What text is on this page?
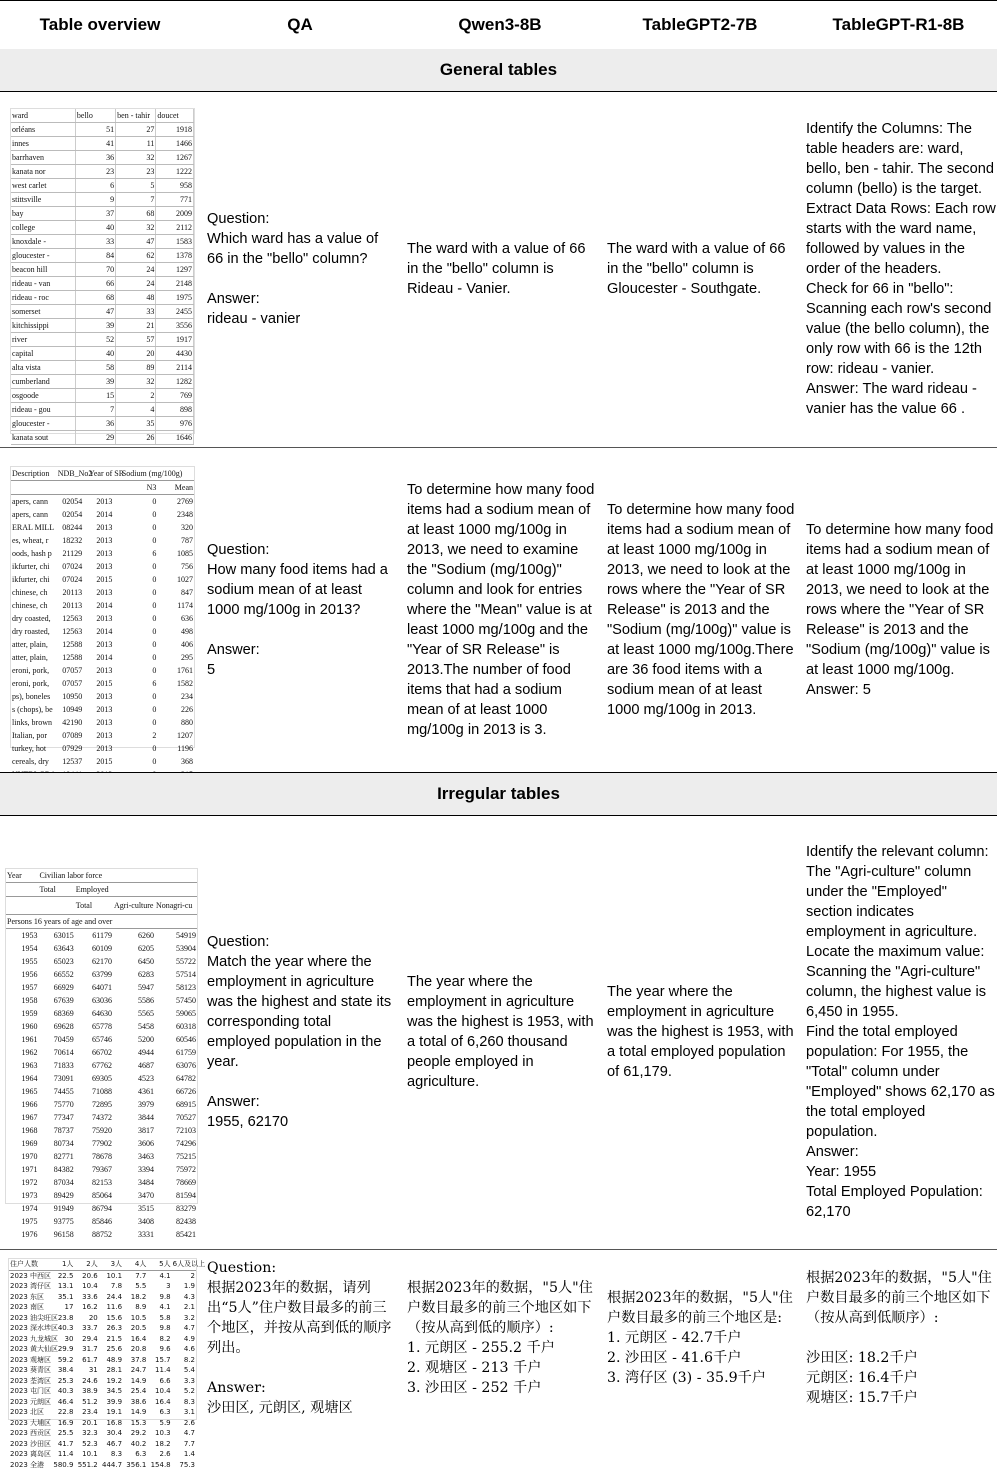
Table overview	QA	Qwen3-8B	TableGPT2-7B	TableGPT-R1-8B
General tables
ward	bello	ben - tahir	doucet
orléans	51	27	1918
innes	41	11	1466
barrhaven	36	32	1267
kanata nor	23	23	1222
west carlet	6	5	958
stittsville	9	7	771
bay	37	68	2009
college	40	32	2112
knoxdale -	33	47	1583
gloucester -	84	62	1378
beacon hill	70	24	1297
rideau - van	66	24	2148
rideau - roc	68	48	1975
somerset	47	33	2455
kitchissippi	39	21	3556
river	52	57	1917
capital	40	20	4430
alta vista	58	89	2114
cumberland	39	32	1282
osgoode	15	2	769
rideau - gou	7	4	898
gloucester -	36	35	976
kanata sout	29	26	1646
Question:
Which ward has a value of 66 in the "bello" column?
Answer:
rideau - vanier
The ward with a value of 66 in the "bello" column is Rideau - Vanier.
The ward with a value of 66 in the "bello" column is Gloucester - Southgate.
Identify the Columns: The table headers are: ward, bello, ben - tahir. The second column (bello) is the target.
Extract Data Rows: Each row starts with the ward name, followed by values in the order of the headers.
Check for 66 in "bello": Scanning each row's second value (the bello column), the only row with 66 is the 12th row: rideau - vanier.
Answer: The ward rideau - vanier has the value 66 .
Description	NDB_No2	Year of SR	Sodium (mg/100g)	
			N3	Mean
apers, cann	02054	2013	0	2769
apers, cann	02054	2014	0	2348
ERAL MILL	08244	2013	0	320
es, wheat, r	18232	2013	0	787
oods, hash p	21129	2013	6	1085
ikfurter, chi	07024	2013	0	756
ikfurter, chi	07024	2015	0	1027
chinese, ch	20113	2013	0	847
chinese, ch	20113	2014	0	1174
dry coasted,	12563	2013	0	636
dry roasted,	12563	2014	0	498
atter, plain,	12588	2013	0	406
atter, plain,	12588	2014	0	295
eroni, pork,	07057	2013	0	1761
eroni, pork,	07057	2015	6	1582
ps), boneles	10950	2013	0	234
s (chops), be	10949	2013	0	226
links, brown	42190	2013	0	880
Italian, por	07089	2013	2	1207
turkey, hot	07929	2013	0	1196
cereals, dry	12537	2015	0	368

Question:
How many food items had a sodium mean of at least 1000 mg/100g in 2013?
Answer:
5
To determine how many food items had a sodium mean of at least 1000 mg/100g in 2013, we need to examine the "Sodium (mg/100g)" column and look for entries where the "Mean" value is at least 1000 mg/100g and the "Year of SR Release" is 2013.The number of food items that had a sodium mean of at least 1000 mg/100g in 2013 is 3.
To determine how many food items had a sodium mean of at least 1000 mg/100g in 2013, we need to look at the rows where the "Year of SR Release" is 2013 and the "Sodium (mg/100g)" value is at least 1000 mg/100g.There are 36 food items with a sodium mean of at least 1000 mg/100g in 2013.
To determine how many food items had a sodium mean of at least 1000 mg/100g in 2013, we need to look at the rows where the "Year of SR Release" is 2013 and the "Sodium (mg/100g)" value is at least 1000 mg/100g.
Answer: 5
Irregular tables
Year	Civilian labor force			
	Total	Employed		
		Total	Agri-culture	Nonagri-cu
Persons 16 years of age and over				
1953	63015	61179	6260	54919
1954	63643	60109	6205	53904
1955	65023	62170	6450	55722
1956	66552	63799	6283	57514
1957	66929	64071	5947	58123
1958	67639	63036	5586	57450
1959	68369	64630	5565	59065
1960	69628	65778	5458	60318
1961	70459	65746	5200	60546
1962	70614	66702	4944	61759
1963	71833	67762	4687	63076
1964	73091	69305	4523	64782
1965	74455	71088	4361	66726
1966	75770	72895	3979	68915
1967	77347	74372	3844	70527
1968	78737	75920	3817	72103
1969	80734	77902	3606	74296
1970	82771	78678	3463	75215
1971	84382	79367	3394	75972
1972	87034	82153	3484	78669
1973	89429	85064	3470	81594
1974	91949	86794	3515	83279
1975	93775	85846	3408	82438
1976	96158	88752	3331	85421
Question:
Match the year where the employment in agriculture was the highest and state its corresponding total employed population in the year.
Answer:
1955, 62170
The year where the employment in agriculture was the highest is 1953, with a total of 6,260 thousand people employed in agriculture.
The year where the employment in agriculture was the highest is 1953, with a total employed population of 61,179.
Identify the relevant column: The "Agri-culture" column under the "Employed" section indicates employment in agriculture.
Locate the maximum value: Scanning the "Agri-culture" column, the highest value is 6,450 in 1955.
Find the total employed population: For 1955, the "Total" column under "Employed" shows 62,170 as the total employed population.
Answer:
Year: 1955
Total Employed Population: 62,170
住户人数	1人	2人	3人	4人	5人	6人及以上
2023 中西区	22.5	20.6	10.1	7.7	4.1	2
2023 湾仔区	13.1	10.4	7.8	5.5	3	1.9
2023 东区	35.1	33.6	24.4	18.2	9.8	4.3
2023 南区	17	16.2	11.6	8.9	4.1	2.1
2023 油尖旺区	23.8	20	15.6	10.5	5.8	3.2
2023 深水埗区	40.3	33.7	26.3	20.5	9.8	4.7
2023 九龙城区	30	29.4	21.5	16.4	8.2	4.9
2023 黄大仙区	29.9	31.7	25.6	20.8	9.6	4.6
2023 观塘区	59.2	61.7	48.9	37.8	15.7	8.2
2023 葵青区	38.4	31	28.1	24.7	11.4	5.4
2023 荃湾区	25.3	24.6	19.2	14.9	6.6	3.3
2023 屯门区	40.3	38.9	34.5	25.4	10.4	5.2
2023 元朗区	46.4	51.2	39.9	38.6	16.4	8.3
2023 北区	22.8	23.4	19.1	14.9	6.3	3.1
2023 大埔区	16.9	20.1	16.8	15.3	5.9	2.6
2023 西贡区	25.5	32.3	30.4	29.2	10.3	4.7
2023 沙田区	41.7	52.3	46.7	40.2	18.2	7.7
2023 离岛区	11.4	10.1	8.3	6.3	2.6	1.4
2023 全港	580.9	551.2	444.7	356.1	154.8	75.3
Question:
根据2023年的数据，请列出“5人”住户数目最多的前三个地区，并按从高到低的顺序列出。
Answer:
沙田区, 元朗区, 观塘区
根据2023年的数据，"5人"住户数目最多的前三个地区如下（按从高到低的顺序）:
1. 元朗区 - 255.2 千户
2. 观塘区 - 213 千户
3. 沙田区 - 252 千户
根据2023年的数据，"5人"住户数目最多的前三个地区是:
1. 元朗区 - 42.7千户
2. 沙田区 - 41.6千户
3. 湾仔区 (3) - 35.9千户
根据2023年的数据，"5人"住户数目最多的前三个地区如下（按从高到低顺序）:

沙田区: 18.2千户
元朗区: 16.4千户
观塘区: 15.7千户
